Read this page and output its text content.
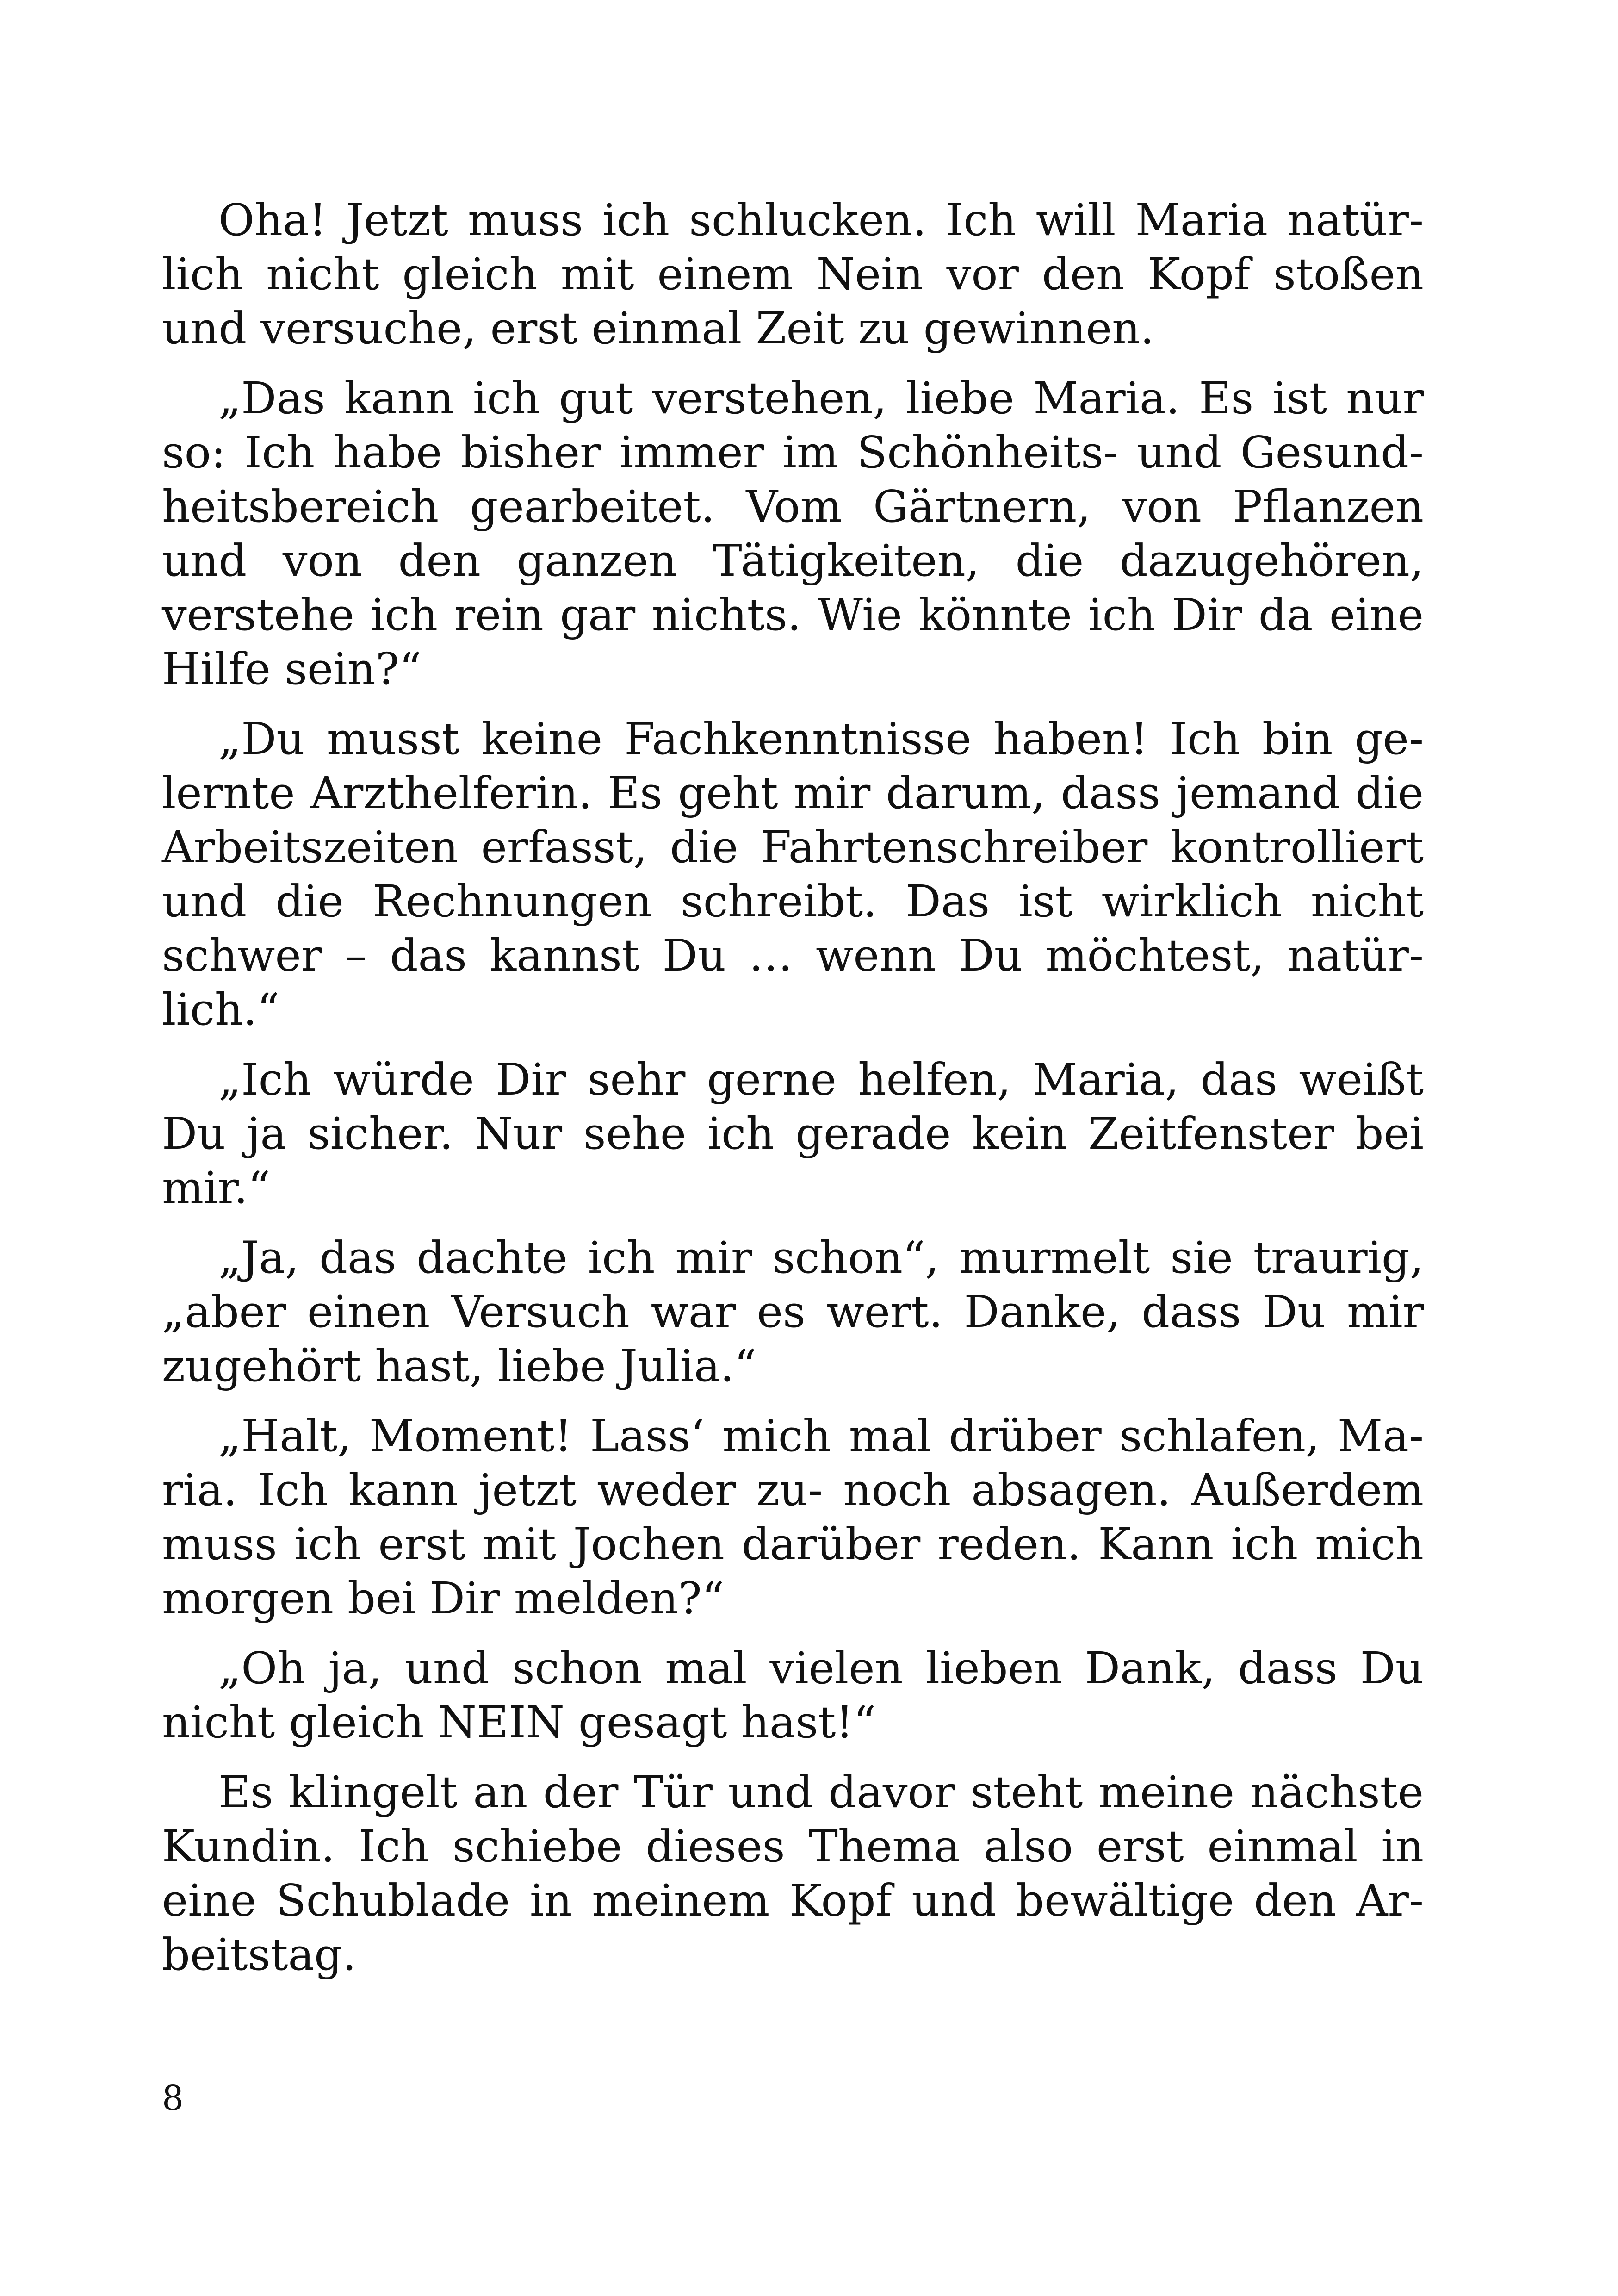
Oha! Jetzt muss ich schlucken. Ich will Maria natürlich nicht gleich mit einem Nein vor den Kopf stoßen und versuche, erst einmal Zeit zu gewinnen.

„Das kann ich gut verstehen, liebe Maria. Es ist nur so: Ich habe bisher immer im Schönheits- und Gesundheitsbereich gearbeitet. Vom Gärtnern, von Pflanzen und von den ganzen Tätigkeiten, die dazugehören, verstehe ich rein gar nichts. Wie könnte ich Dir da eine Hilfe sein?“

„Du musst keine Fachkenntnisse haben! Ich bin gelernte Arzthelferin. Es geht mir darum, dass jemand die Arbeitszeiten erfasst, die Fahrtenschreiber kontrolliert und die Rechnungen schreibt. Das ist wirklich nicht schwer – das kannst Du … wenn Du möchtest, natürlich.“

„Ich würde Dir sehr gerne helfen, Maria, das weißt Du ja sicher. Nur sehe ich gerade kein Zeitfenster bei mir.“

„Ja, das dachte ich mir schon“, murmelt sie traurig, „aber einen Versuch war es wert. Danke, dass Du mir zugehört hast, liebe Julia.“

„Halt, Moment! Lass‘ mich mal drüber schlafen, Maria. Ich kann jetzt weder zu- noch absagen. Außerdem muss ich erst mit Jochen darüber reden. Kann ich mich morgen bei Dir melden?“

„Oh ja, und schon mal vielen lieben Dank, dass Du nicht gleich NEIN gesagt hast!“

Es klingelt an der Tür und davor steht meine nächste Kundin. Ich schiebe dieses Thema also erst einmal in eine Schublade in meinem Kopf und bewältige den Arbeitstag.

8
